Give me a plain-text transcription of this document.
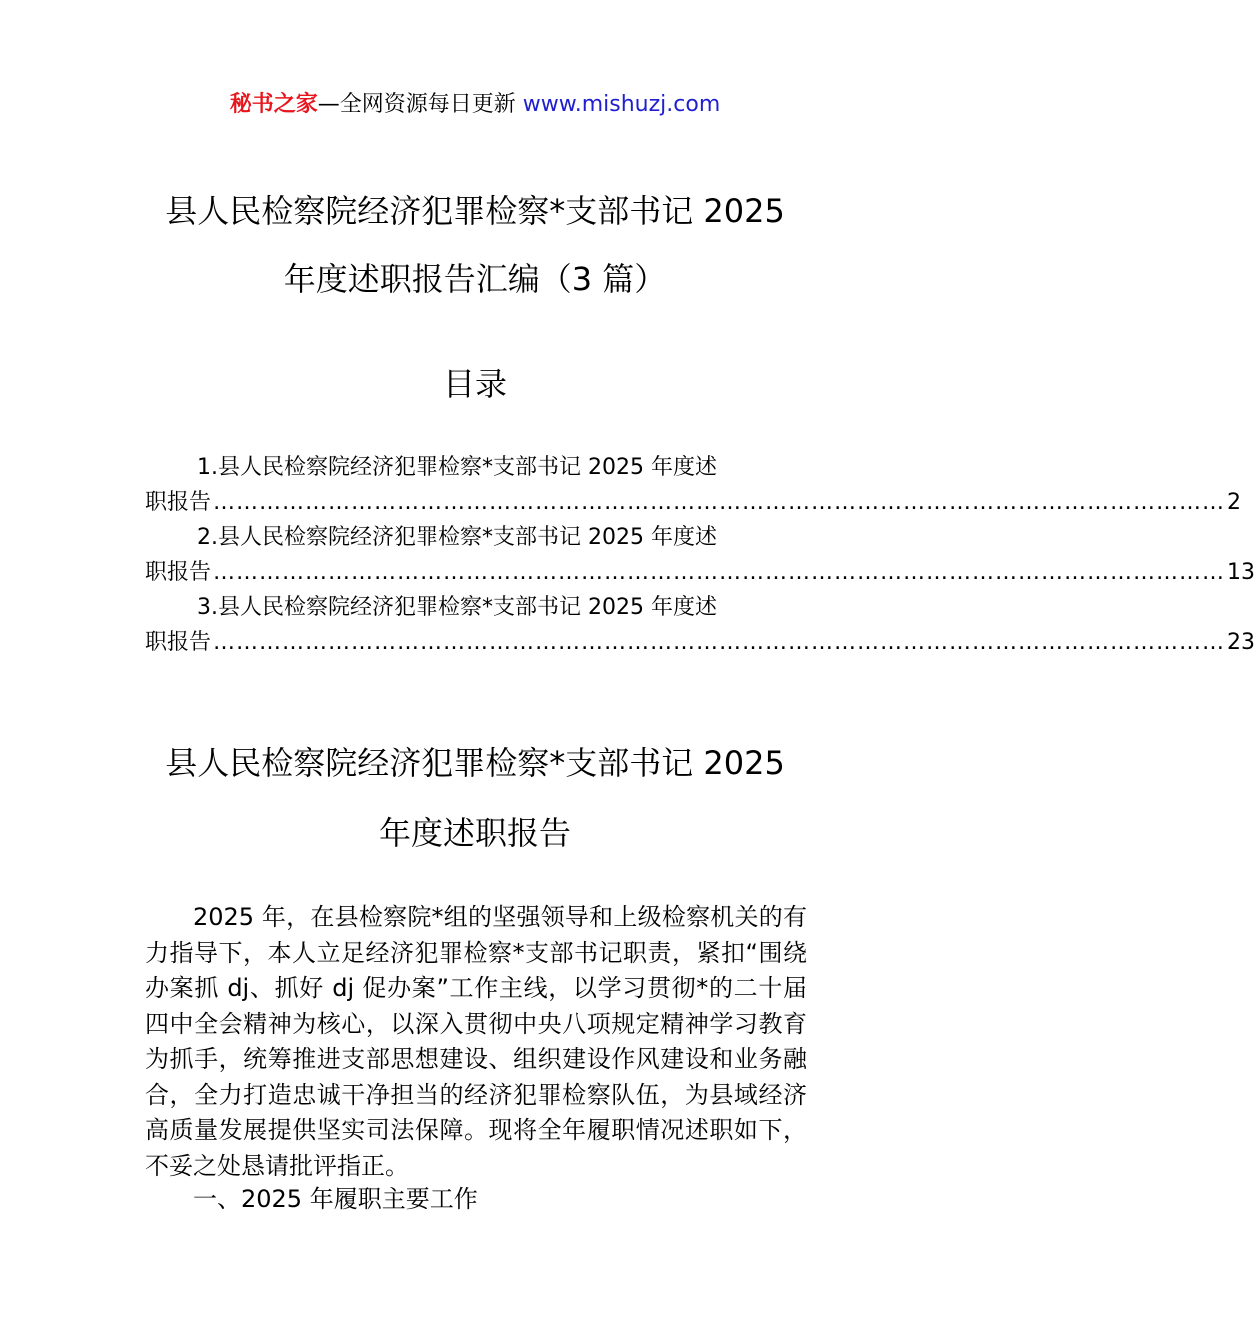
秘书之家—全网资源每日更新 www.mishuzj.com
县人民检察院经济犯罪检察*支部书记 2025
年度述职报告汇编（3 篇）
目录
1.县人民检察院经济犯罪检察*支部书记 2025 年度述
职报告 …………………………………………………………………………………………………………………… 2
2.县人民检察院经济犯罪检察*支部书记 2025 年度述
职报告 …………………………………………………………………………………………………………………… 13
3.县人民检察院经济犯罪检察*支部书记 2025 年度述
职报告 …………………………………………………………………………………………………………………… 23
县人民检察院经济犯罪检察*支部书记 2025
年度述职报告

2025 年，在县检察院*组的坚强领导和上级检察机关的有力指导下，本人立足经济犯罪检察*支部书记职责，紧扣“围绕办案抓 dj、抓好 dj 促办案”工作主线，以学习贯彻*的二十届四中全会精神为核心，以深入贯彻中央八项规定精神学习教育为抓手，统筹推进支部思想建设、组织建设作风建设和业务融合，全力打造忠诚干净担当的经济犯罪检察队伍，为县域经济高质量发展提供坚实司法保障。现将全年履职情况述职如下，不妥之处恳请批评指正。

一、2025 年履职主要工作
